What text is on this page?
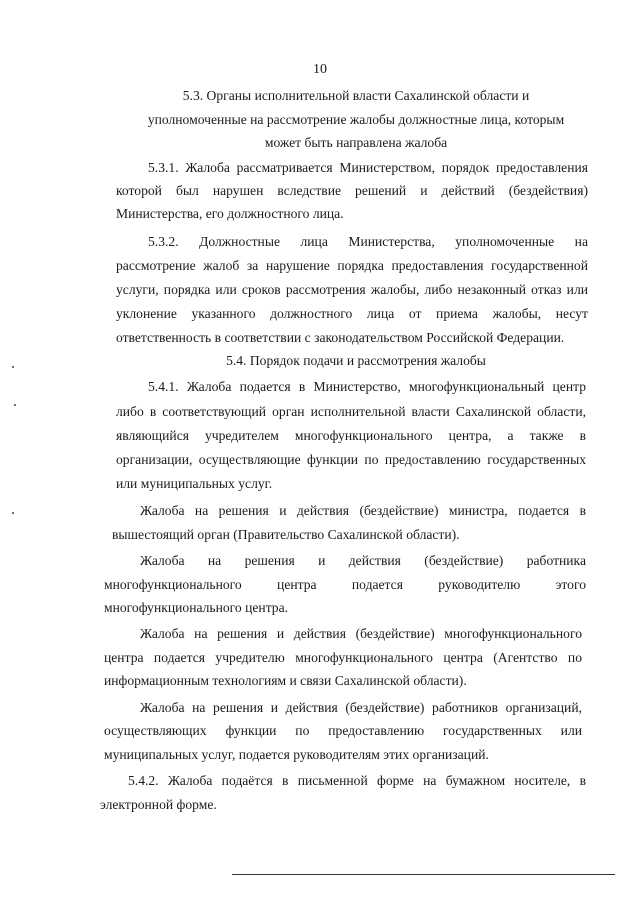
10
5.3. Органы исполнительной власти Сахалинской области и
уполномоченные на рассмотрение жалобы должностные лица, которым
может быть направлена жалоба
5.3.1. Жалоба рассматривается Министерством, порядок предоставления
которой был нарушен вследствие решений и действий (бездействия)
Министерства, его должностного лица.
5.3.2. Должностные лица Министерства, уполномоченные на
рассмотрение жалоб за нарушение порядка предоставления государственной
услуги, порядка или сроков рассмотрения жалобы, либо незаконный отказ или
уклонение указанного должностного лица от приема жалобы, несут
ответственность в соответствии с законодательством Российской Федерации.
5.4. Порядок подачи и рассмотрения жалобы
5.4.1. Жалоба подается в Министерство, многофункциональный центр
либо в соответствующий орган исполнительной власти Сахалинской области,
являющийся учредителем многофункционального центра, а также в
организации, осуществляющие функции по предоставлению государственных
или муниципальных услуг.
Жалоба на решения и действия (бездействие) министра, подается в
вышестоящий орган (Правительство Сахалинской области).
Жалоба на решения и действия (бездействие) работника
многофункционального центра подается руководителю этого
многофункционального центра.
Жалоба на решения и действия (бездействие) многофункционального
центра подается учредителю многофункционального центра (Агентство по
информационным технологиям и связи Сахалинской области).
Жалоба на решения и действия (бездействие) работников организаций,
осуществляющих функции по предоставлению государственных или
муниципальных услуг, подается руководителям этих организаций.
5.4.2. Жалоба подаётся в письменной форме на бумажном носителе, в
электронной форме.
